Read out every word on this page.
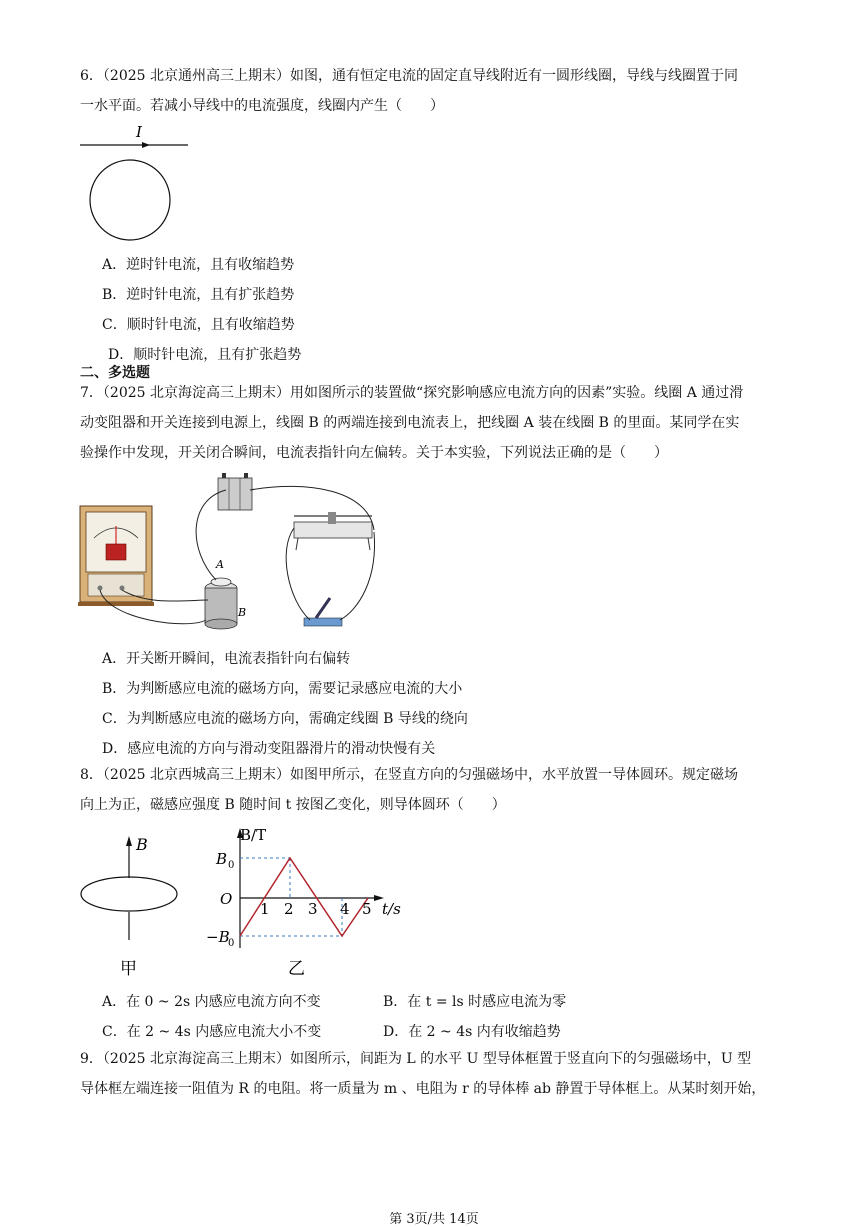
6．（2025 北京通州高三上期末）如图，通有恒定电流的固定直导线附近有一圆形线圈，导线与线圈置于同
一水平面。若减小导线中的电流强度，线圈内产生（　　）
I
A．逆时针电流，且有收缩趋势
B．逆时针电流，且有扩张趋势
C．顺时针电流，且有收缩趋势
D．顺时针电流，且有扩张趋势
二、多选题
7．（2025 北京海淀高三上期末）用如图所示的装置做“探究影响感应电流方向的因素”实验。线圈 A 通过滑
动变阻器和开关连接到电源上，线圈 B 的两端连接到电流表上，把线圈 A 装在线圈 B 的里面。某同学在实
验操作中发现，开关闭合瞬间，电流表指针向左偏转。关于本实验，下列说法正确的是（　　）
A
B
A．开关断开瞬间，电流表指针向右偏转
B．为判断感应电流的磁场方向，需要记录感应电流的大小
C．为判断感应电流的磁场方向，需确定线圈 B 导线的绕向
D．感应电流的方向与滑动变阻器滑片的滑动快慢有关
8．（2025 北京西城高三上期末）如图甲所示，在竖直方向的匀强磁场中，水平放置一导体圆环。规定磁场
向上为正，磁感应强度 B 随时间 t 按图乙变化，则导体圆环（　　）
B
甲
B/T
t/s
O
B 0
−B
0
1 2 3 4 5
乙
A．在 0 ~ 2s 内感应电流方向不变	B．在 t = ls 时感应电流为零
C．在 2 ~ 4s 内感应电流大小不变	D．在 2 ~ 4s 内有收缩趋势
9．（2025 北京海淀高三上期末）如图所示，间距为 L 的水平 U 型导体框置于竖直向下的匀强磁场中，U 型
导体框左端连接一阻值为 R 的电阻。将一质量为 m 、电阻为 r 的导体棒 ab 静置于导体框上。从某时刻开始，
第 3页/共 14页
